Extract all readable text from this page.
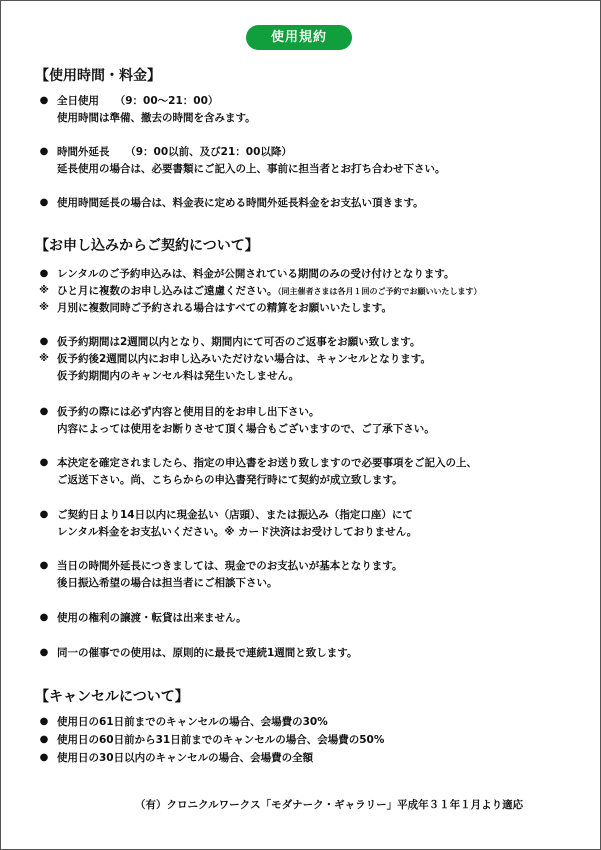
使用規約
【使用時間・料金】
● 全日使用　　（9：00～21：00）
使用時間は準備、撤去の時間を含みます。
● 時間外延長　　（9：00以前、及び21：00以降）
延長使用の場合は、必要書類にご記入の上、事前に担当者とお打ち合わせ下さい。
● 使用時間延長の場合は、料金表に定める時間外延長料金をお支払い頂きます。
【お申し込みからご契約について】
● レンタルのご予約申込みは、料金が公開されている期間のみの受け付けとなります。
※ ひと月に複数のお申し込みはご遠慮ください。（同主催者さまは各月１回のご予約でお願いいたします）
※ 月別に複数同時ご予約される場合はすべての精算をお願いいたします。
● 仮予約期間は2週間以内となり、期間内にて可否のご返事をお願い致します。
※ 仮予約後2週間以内にお申し込みいただけない場合は、キャンセルとなります。
仮予約期間内のキャンセル料は発生いたしません。
● 仮予約の際には必ず内容と使用目的をお申し出下さい。
内容によっては使用をお断りさせて頂く場合もございますので、ご了承下さい。
● 本決定を確定されましたら、指定の申込書をお送り致しますので必要事項をご記入の上、
ご返送下さい。尚、こちらからの申込書発行時にて契約が成立致します。
● ご契約日より14日以内に現金払い（店頭）、または振込み（指定口座）にて
レンタル料金をお支払いください。※ カード決済はお受けしておりません。
● 当日の時間外延長につきましては、現金でのお支払いが基本となります。
後日振込希望の場合は担当者にご相談下さい。
● 使用の権利の譲渡・転貸は出来ません。
● 同一の催事での使用は、原則的に最長で連続1週間と致します。
【キャンセルについて】
● 使用日の61日前までのキャンセルの場合、会場費の30%
● 使用日の60日前から31日前までのキャンセルの場合、会場費の50%
● 使用日の30日以内のキャンセルの場合、会場費の全額
（有）クロニクルワークス「モダナーク・ギャラリー」平成年３１年１月より適応
